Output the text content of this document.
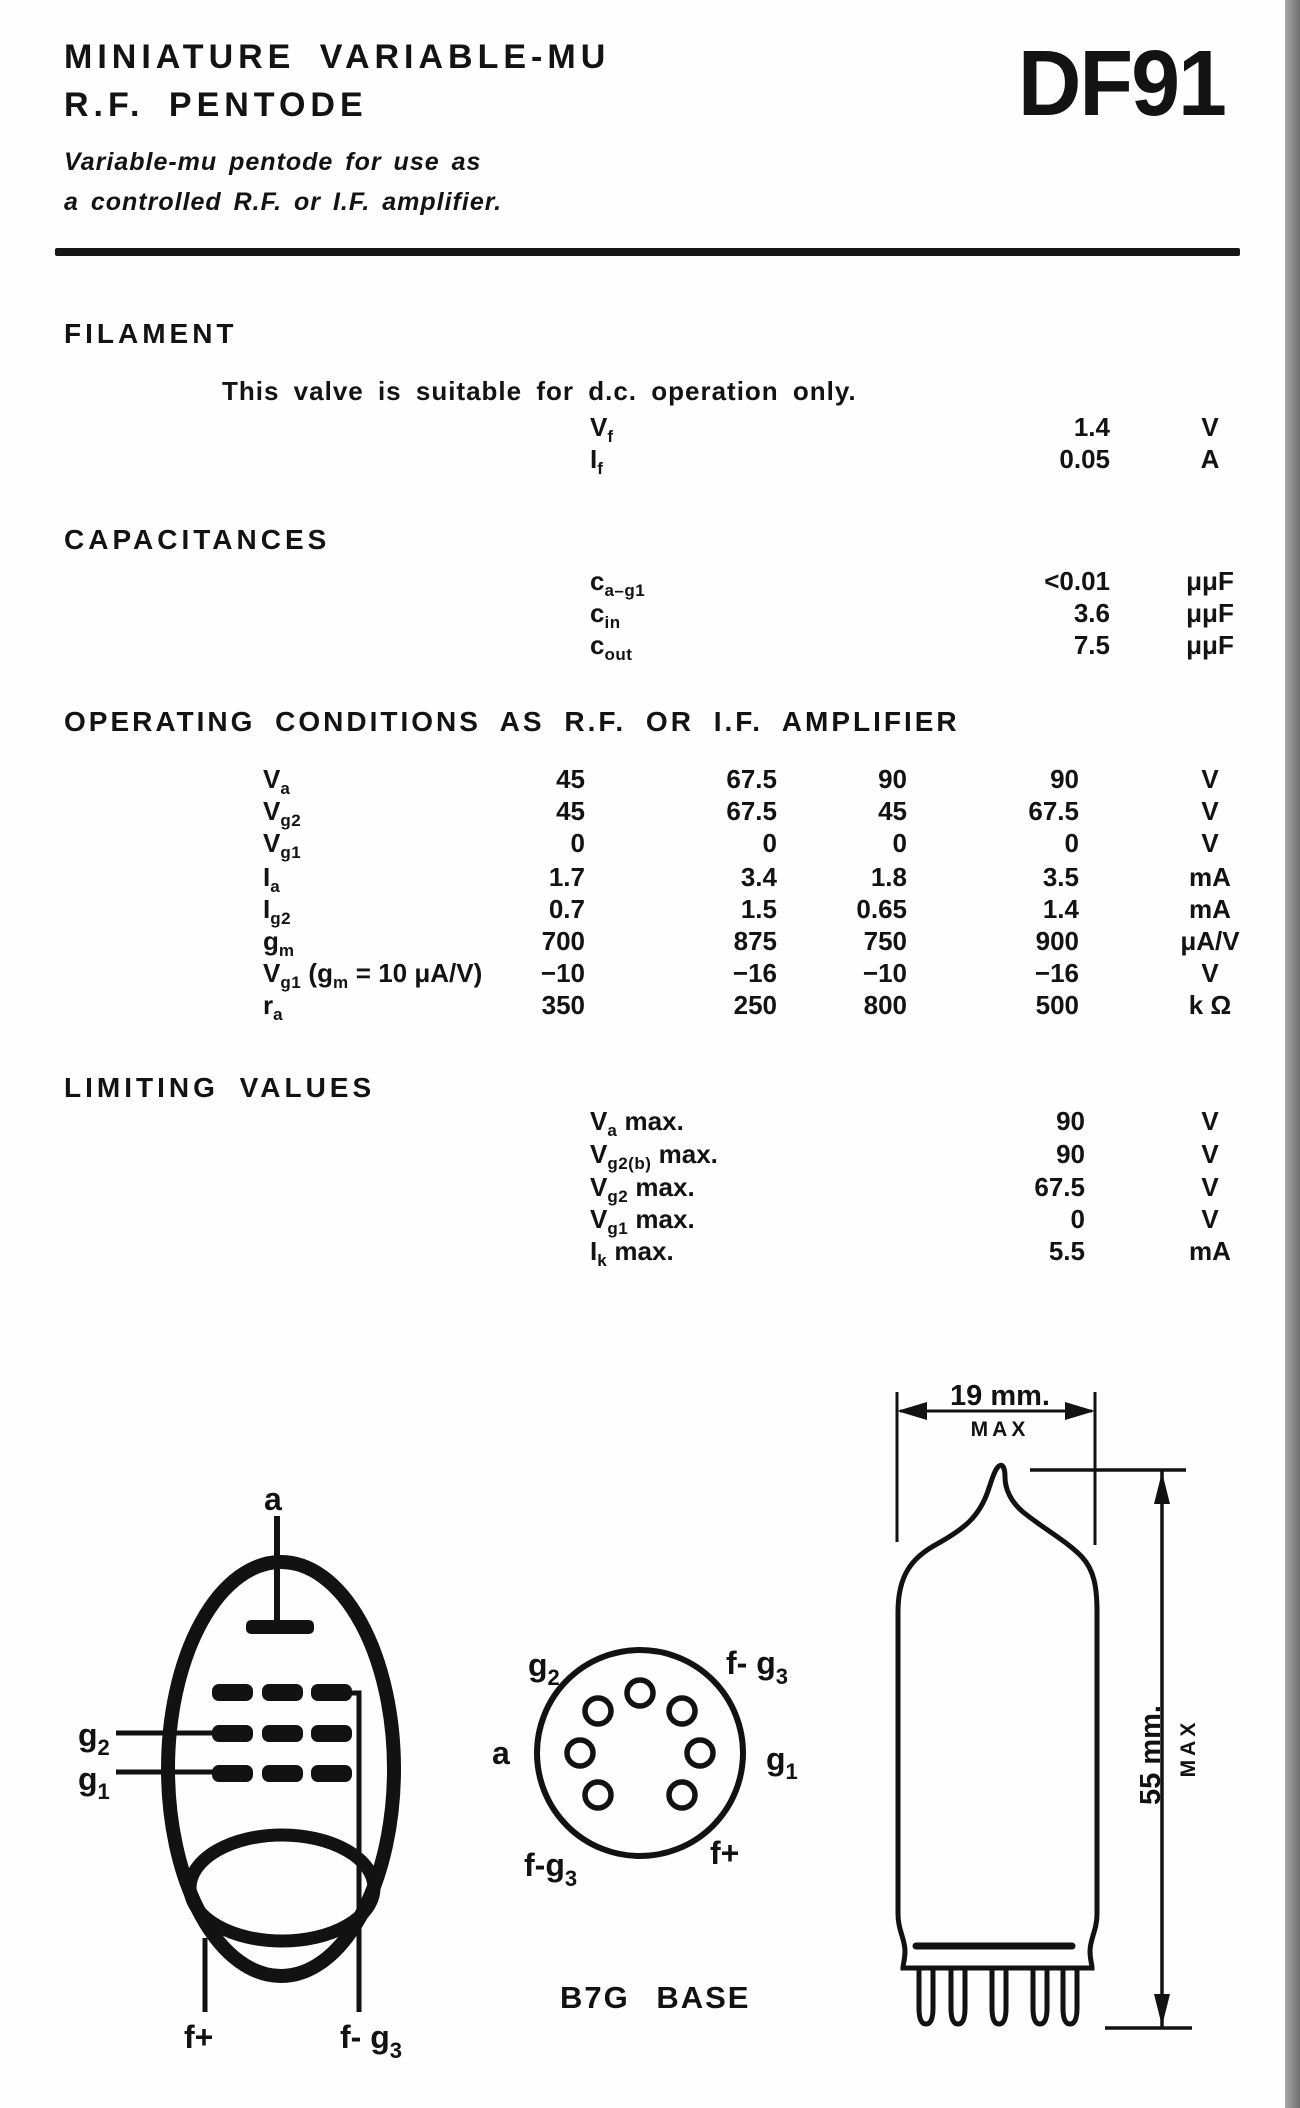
MINIATURE VARIABLE-MU
R.F. PENTODE	DF91
Variable-mu pentode for use as
a controlled R.F. or I.F. amplifier.
FILAMENT
This valve is suitable for d.c. operation only.
$V_f$	1.4	V
$I_f$	0.05	A
CAPACITANCES
$c_{a-g1}$	<0.01	μμF
$c_{in}$	3.6	μμF
$c_{out}$	7.5	μμF
OPERATING CONDITIONS AS R.F. OR I.F. AMPLIFIER
$V_a$	45	67.5	90	90	V
$V_{g2}$	45	67.5	45	67.5	V
$V_{g1}$	0	0	0	0	V
$I_a$	1.7	3.4	1.8	3.5	mA
$I_{g2}$	0.7	1.5	0.65	1.4	mA
$g_m$	700	875	750	900	μA/V
$V_{g1}$ ($g_m = 10$ μA/V)	−10	−16	−10	−16	V
$r_a$	350	250	800	500	k Ω
LIMITING VALUES
$V_a$ max.	90	V
$V_{g2(b)}$ max.	90	V
$V_{g2}$ max.	67.5	V
$V_{g1}$ max.	0	V
$I_k$ max.	5.5	mA
a
$g_2$
$g_1$
f+	f- $g_3$
$g_2$	f- $g_3$
a	$g_1$
$f-g_3$
f+
B7G BASE
19 mm.
MAX
55 mm. MAX
